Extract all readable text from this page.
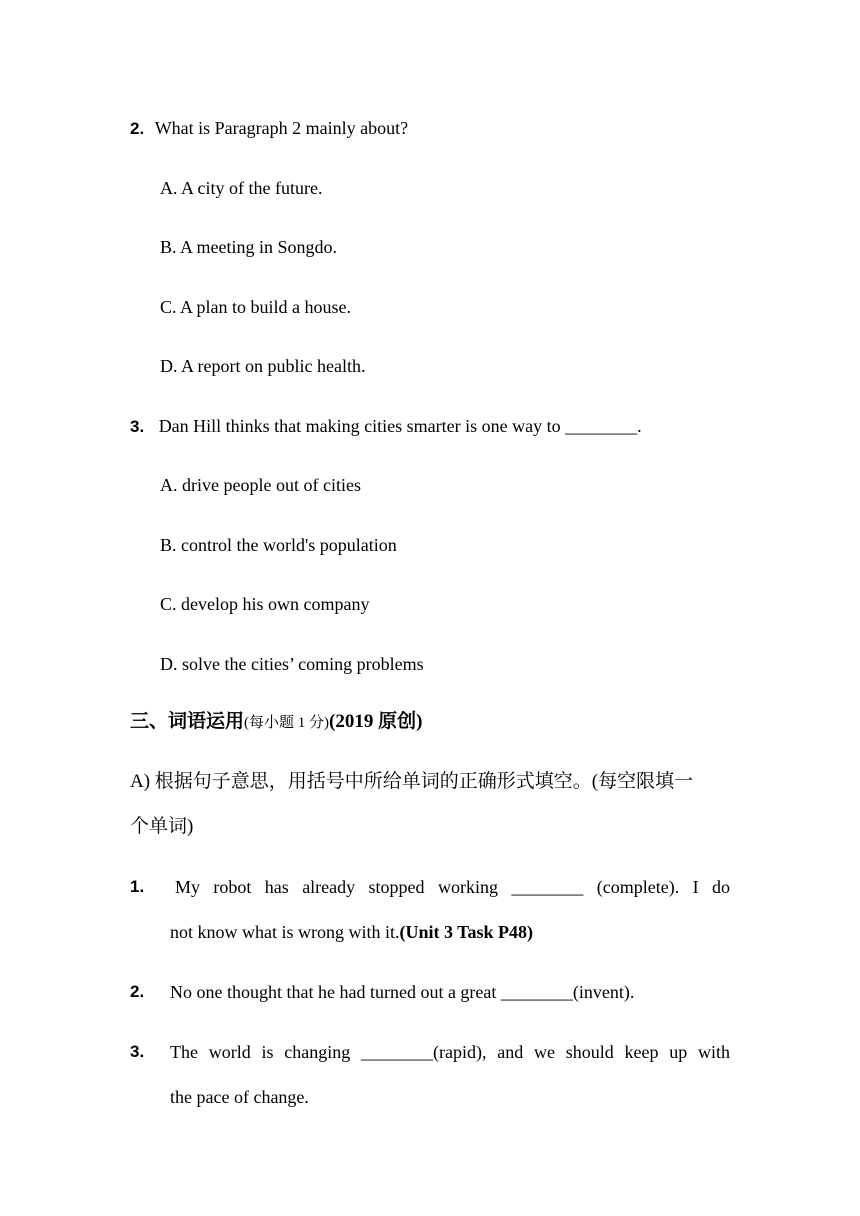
2. What is Paragraph 2 mainly about?
A. A city of the future.
B. A meeting in Songdo.
C. A plan to build a house.
D. A report on public health.
3. Dan Hill thinks that making cities smarter is one way to ________.
A. drive people out of cities
B. control the world's population
C. develop his own company
D. solve the cities’ coming problems
三、词语运用(每小题 1 分)(2019 原创)
A) 根据句子意思，用括号中所给单词的正确形式填空。(每空限填一
个单词)
1. My robot has already stopped working ________ (complete). I do
not know what is wrong with it.(Unit 3 Task P48)
2. No one thought that he had turned out a great ________(invent).
3. The world is changing ________(rapid), and we should keep up with
the pace of change.
